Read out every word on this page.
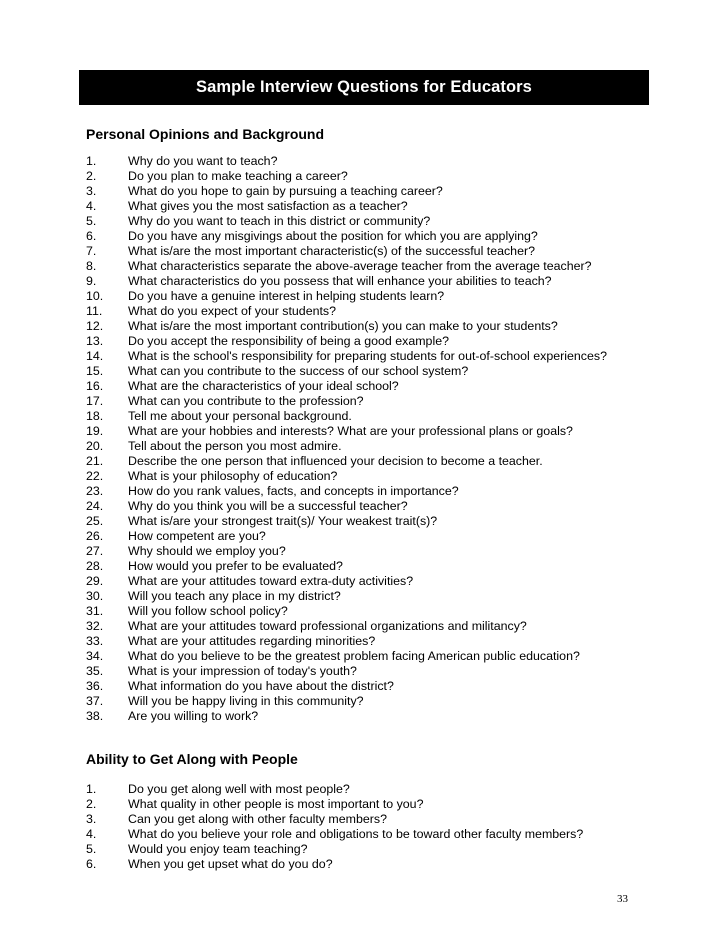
Sample Interview Questions for Educators
Personal Opinions and Background
1.	Why do you want to teach?
2.	Do you plan to make teaching a career?
3.	What do you hope to gain by pursuing a teaching career?
4.	What gives you the most satisfaction as a teacher?
5.	Why do you want to teach in this district or community?
6.	Do you have any misgivings about the position for which you are applying?
7.	What is/are the most important characteristic(s) of the successful teacher?
8.	What characteristics separate the above-average teacher from the average teacher?
9.	What characteristics do you possess that will enhance your abilities to teach?
10.	Do you have a genuine interest in helping students learn?
11.	What do you expect of your students?
12.	What is/are the most important contribution(s) you can make to your students?
13.	Do you accept the responsibility of being a good example?
14.	What is the school's responsibility for preparing students for out-of-school experiences?
15.	What can you contribute to the success of our school system?
16.	What are the characteristics of your ideal school?
17.	What can you contribute to the profession?
18.	Tell me about your personal background.
19.	What are your hobbies and interests? What are your professional plans or goals?
20.	Tell about the person you most admire.
21.	Describe the one person that influenced your decision to become a teacher.
22.	What is your philosophy of education?
23.	How do you rank values, facts, and concepts in importance?
24.	Why do you think you will be a successful teacher?
25.	What is/are your strongest trait(s)/ Your weakest trait(s)?
26.	How competent are you?
27.	Why should we employ you?
28.	How would you prefer to be evaluated?
29.	What are your attitudes toward extra-duty activities?
30.	Will you teach any place in my district?
31.	Will you follow school policy?
32.	What are your attitudes toward professional organizations and militancy?
33.	What are your attitudes regarding minorities?
34.	What do you believe to be the greatest problem facing American public education?
35.	What is your impression of today's youth?
36.	What information do you have about the district?
37.	Will you be happy living in this community?
38.	Are you willing to work?
Ability to Get Along with People
1.	Do you get along well with most people?
2.	What quality in other people is most important to you?
3.	Can you get along with other faculty members?
4.	What do you believe your role and obligations to be toward other faculty members?
5.	Would you enjoy team teaching?
6.	When you get upset what do you do?
33
